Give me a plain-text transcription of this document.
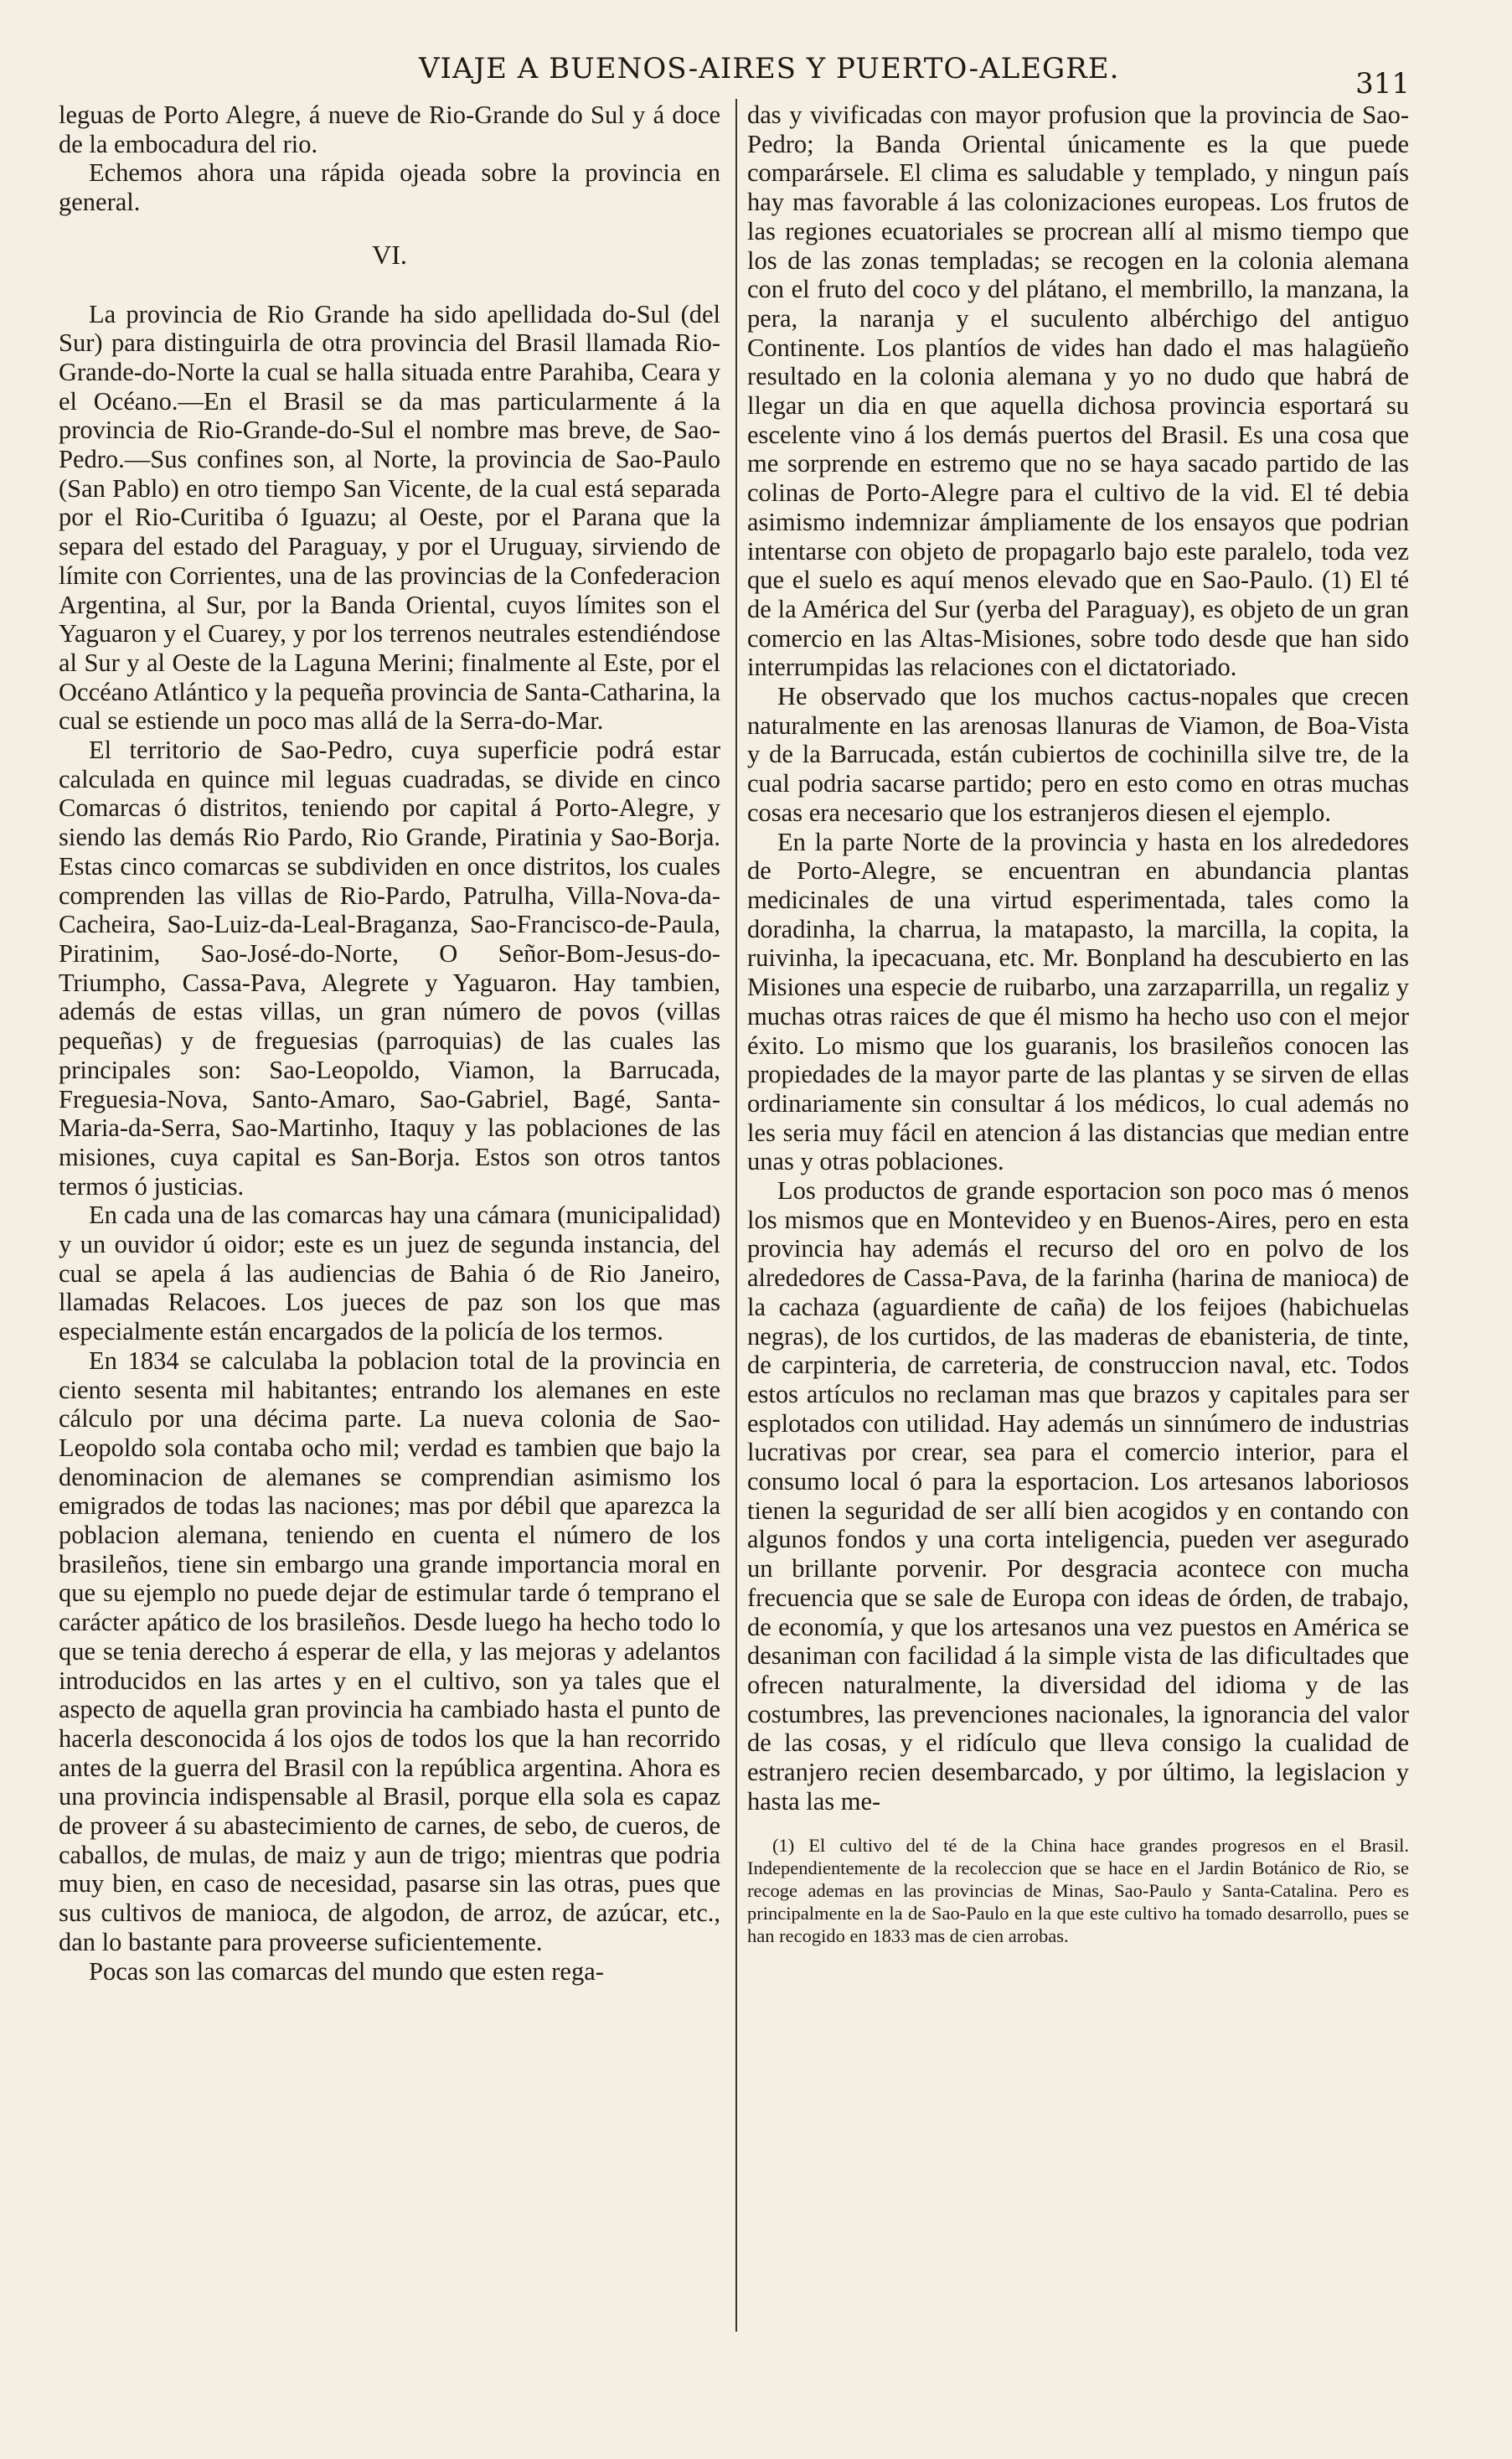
VIAJE A BUENOS-AIRES Y PUERTO-ALEGRE.	311

leguas de Porto Alegre, á nueve de Rio-Grande do Sul y á doce de la embocadura del rio.

Echemos ahora una rápida ojeada sobre la provincia en general.

VI.

La provincia de Rio Grande ha sido apellidada do-Sul (del Sur) para distinguirla de otra provincia del Brasil llamada Rio-Grande-do-Norte la cual se halla situada entre Parahiba, Ceara y el Océano.—En el Brasil se da mas particularmente á la provincia de Rio-Grande-do-Sul el nombre mas breve, de Sao-Pedro.—Sus confines son, al Norte, la provincia de Sao-Paulo (San Pablo) en otro tiempo San Vicente, de la cual está separada por el Rio-Curitiba ó Iguazu; al Oeste, por el Parana que la separa del estado del Paraguay, y por el Uruguay, sirviendo de límite con Corrientes, una de las provincias de la Confederacion Argentina, al Sur, por la Banda Oriental, cuyos límites son el Yaguaron y el Cuarey, y por los terrenos neutrales estendiéndose al Sur y al Oeste de la Laguna Merini; finalmente al Este, por el Occéano Atlántico y la pequeña provincia de Santa-Catharina, la cual se estiende un poco mas allá de la Serra-do-Mar.

El territorio de Sao-Pedro, cuya superficie podrá estar calculada en quince mil leguas cuadradas, se divide en cinco Comarcas ó distritos, teniendo por capital á Porto-Alegre, y siendo las demás Rio Pardo, Rio Grande, Piratinia y Sao-Borja. Estas cinco comarcas se subdividen en once distritos, los cuales comprenden las villas de Rio-Pardo, Patrulha, Villa-Nova-da-Cacheira, Sao-Luiz-da-Leal-Braganza, Sao-Francisco-de-Paula, Piratinim, Sao-José-do-Norte, O Señor-Bom-Jesus-do-Triumpho, Cassa-Pava, Alegrete y Yaguaron. Hay tambien, además de estas villas, un gran número de povos (villas pequeñas) y de freguesias (parroquias) de las cuales las principales son: Sao-Leopoldo, Viamon, la Barrucada, Freguesia-Nova, Santo-Amaro, Sao-Gabriel, Bagé, Santa-Maria-da-Serra, Sao-Martinho, Itaquy y las poblaciones de las misiones, cuya capital es San-Borja. Estos son otros tantos termos ó justicias.

En cada una de las comarcas hay una cámara (municipalidad) y un ouvidor ú oidor; este es un juez de segunda instancia, del cual se apela á las audiencias de Bahia ó de Rio Janeiro, llamadas Relacoes. Los jueces de paz son los que mas especialmente están encargados de la policía de los termos.

En 1834 se calculaba la poblacion total de la provincia en ciento sesenta mil habitantes; entrando los alemanes en este cálculo por una décima parte. La nueva colonia de Sao-Leopoldo sola contaba ocho mil; verdad es tambien que bajo la denominacion de alemanes se comprendian asimismo los emigrados de todas las naciones; mas por débil que aparezca la poblacion alemana, teniendo en cuenta el número de los brasileños, tiene sin embargo una grande importancia moral en que su ejemplo no puede dejar de estimular tarde ó temprano el carácter apático de los brasileños. Desde luego ha hecho todo lo que se tenia derecho á esperar de ella, y las mejoras y adelantos introducidos en las artes y en el cultivo, son ya tales que el aspecto de aquella gran provincia ha cambiado hasta el punto de hacerla desconocida á los ojos de todos los que la han recorrido antes de la guerra del Brasil con la república argentina. Ahora es una provincia indispensable al Brasil, porque ella sola es capaz de proveer á su abastecimiento de carnes, de sebo, de cueros, de caballos, de mulas, de maiz y aun de trigo; mientras que podria muy bien, en caso de necesidad, pasarse sin las otras, pues que sus cultivos de manioca, de algodon, de arroz, de azúcar, etc., dan lo bastante para proveerse suficientemente.

Pocas son las comarcas del mundo que esten rega-

das y vivificadas con mayor profusion que la provincia de Sao-Pedro; la Banda Oriental únicamente es la que puede comparársele. El clima es saludable y templado, y ningun país hay mas favorable á las colonizaciones europeas. Los frutos de las regiones ecuatoriales se procrean allí al mismo tiempo que los de las zonas templadas; se recogen en la colonia alemana con el fruto del coco y del plátano, el membrillo, la manzana, la pera, la naranja y el suculento albérchigo del antiguo Continente. Los plantíos de vides han dado el mas halagüeño resultado en la colonia alemana y yo no dudo que habrá de llegar un dia en que aquella dichosa provincia esportará su escelente vino á los demás puertos del Brasil. Es una cosa que me sorprende en estremo que no se haya sacado partido de las colinas de Porto-Alegre para el cultivo de la vid. El té debia asimismo indemnizar ámpliamente de los ensayos que podrian intentarse con objeto de propagarlo bajo este paralelo, toda vez que el suelo es aquí menos elevado que en Sao-Paulo. (1) El té de la América del Sur (yerba del Paraguay), es objeto de un gran comercio en las Altas-Misiones, sobre todo desde que han sido interrumpidas las relaciones con el dictatoriado.

He observado que los muchos cactus-nopales que crecen naturalmente en las arenosas llanuras de Viamon, de Boa-Vista y de la Barrucada, están cubiertos de cochinilla silve tre, de la cual podria sacarse partido; pero en esto como en otras muchas cosas era necesario que los estranjeros diesen el ejemplo.

En la parte Norte de la provincia y hasta en los alrededores de Porto-Alegre, se encuentran en abundancia plantas medicinales de una virtud esperimentada, tales como la doradinha, la charrua, la matapasto, la marcilla, la copita, la ruivinha, la ipecacuana, etc. Mr. Bonpland ha descubierto en las Misiones una especie de ruibarbo, una zarzaparrilla, un regaliz y muchas otras raices de que él mismo ha hecho uso con el mejor éxito. Lo mismo que los guaranis, los brasileños conocen las propiedades de la mayor parte de las plantas y se sirven de ellas ordinariamente sin consultar á los médicos, lo cual además no les seria muy fácil en atencion á las distancias que median entre unas y otras poblaciones.

Los productos de grande esportacion son poco mas ó menos los mismos que en Montevideo y en Buenos-Aires, pero en esta provincia hay además el recurso del oro en polvo de los alrededores de Cassa-Pava, de la farinha (harina de manioca) de la cachaza (aguardiente de caña) de los feijoes (habichuelas negras), de los curtidos, de las maderas de ebanisteria, de tinte, de carpinteria, de carreteria, de construccion naval, etc. Todos estos artículos no reclaman mas que brazos y capitales para ser esplotados con utilidad. Hay además un sinnúmero de industrias lucrativas por crear, sea para el comercio interior, para el consumo local ó para la esportacion. Los artesanos laboriosos tienen la seguridad de ser allí bien acogidos y en contando con algunos fondos y una corta inteligencia, pueden ver asegurado un brillante porvenir. Por desgracia acontece con mucha frecuencia que se sale de Europa con ideas de órden, de trabajo, de economía, y que los artesanos una vez puestos en América se desaniman con facilidad á la simple vista de las dificultades que ofrecen naturalmente, la diversidad del idioma y de las costumbres, las prevenciones nacionales, la ignorancia del valor de las cosas, y el ridículo que lleva consigo la cualidad de estranjero recien desembarcado, y por último, la legislacion y hasta las me-

(1) El cultivo del té de la China hace grandes progresos en el Brasil. Independientemente de la recoleccion que se hace en el Jardin Botánico de Rio, se recoge ademas en las provincias de Minas, Sao-Paulo y Santa-Catalina. Pero es principalmente en la de Sao-Paulo en la que este cultivo ha tomado desarrollo, pues se han recogido en 1833 mas de cien arrobas.
